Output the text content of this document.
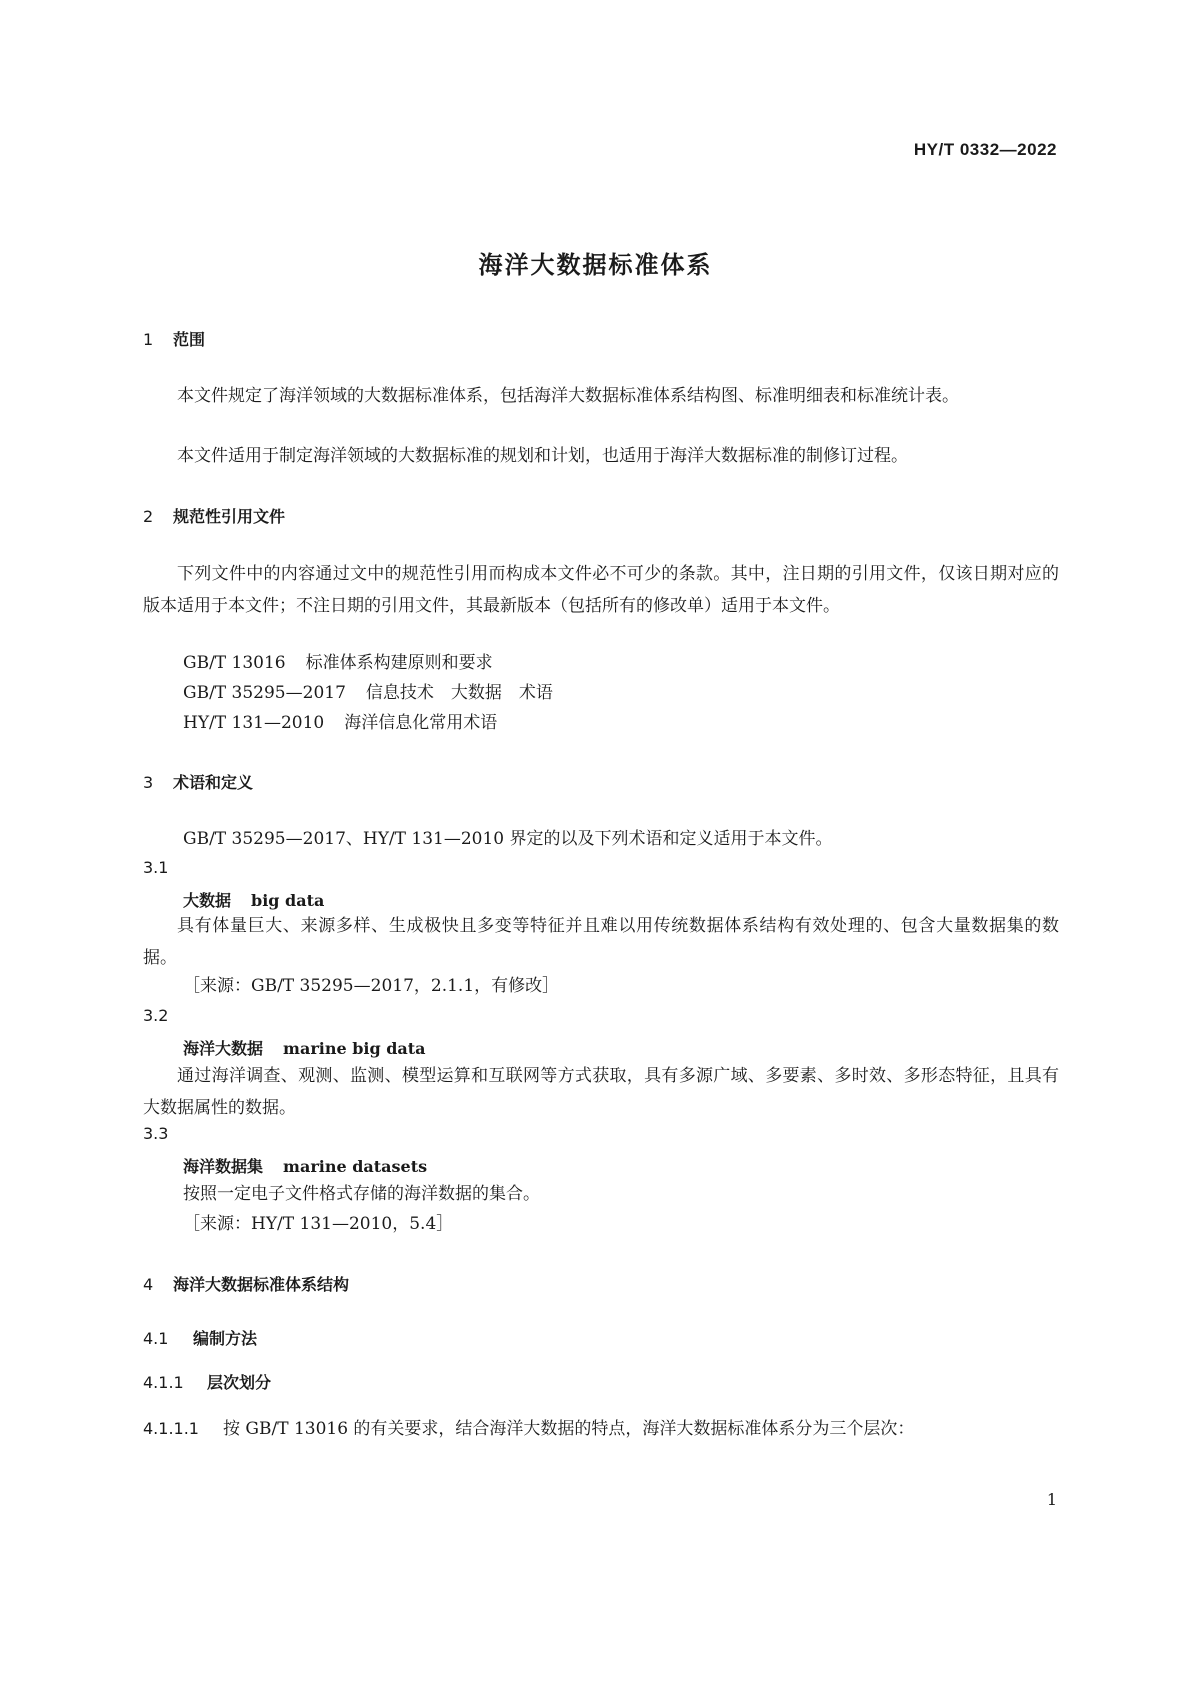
HY/T 0332—2022
海洋大数据标准体系
1 范围
本文件规定了海洋领域的大数据标准体系，包括海洋大数据标准体系结构图、标准明细表和标准统计表。
本文件适用于制定海洋领域的大数据标准的规划和计划，也适用于海洋大数据标准的制修订过程。
2 规范性引用文件
下列文件中的内容通过文中的规范性引用而构成本文件必不可少的条款。其中，注日期的引用文件，仅该日期对应的版本适用于本文件；不注日期的引用文件，其最新版本（包括所有的修改单）适用于本文件。
GB/T 13016 标准体系构建原则和要求
GB/T 35295—2017 信息技术　大数据　术语
HY/T 131—2010 海洋信息化常用术语
3 术语和定义
GB/T 35295—2017、HY/T 131—2010 界定的以及下列术语和定义适用于本文件。
3.1
大数据 big data
具有体量巨大、来源多样、生成极快且多变等特征并且难以用传统数据体系结构有效处理的、包含大量数据集的数据。
［来源：GB/T 35295—2017，2.1.1，有修改］
3.2
海洋大数据 marine big data
通过海洋调查、观测、监测、模型运算和互联网等方式获取，具有多源广域、多要素、多时效、多形态特征，且具有大数据属性的数据。
3.3
海洋数据集 marine datasets
按照一定电子文件格式存储的海洋数据的集合。
［来源：HY/T 131—2010，5.4］
4 海洋大数据标准体系结构
4.1 编制方法
4.1.1 层次划分
4.1.1.1 按 GB/T 13016 的有关要求，结合海洋大数据的特点，海洋大数据标准体系分为三个层次：
1
